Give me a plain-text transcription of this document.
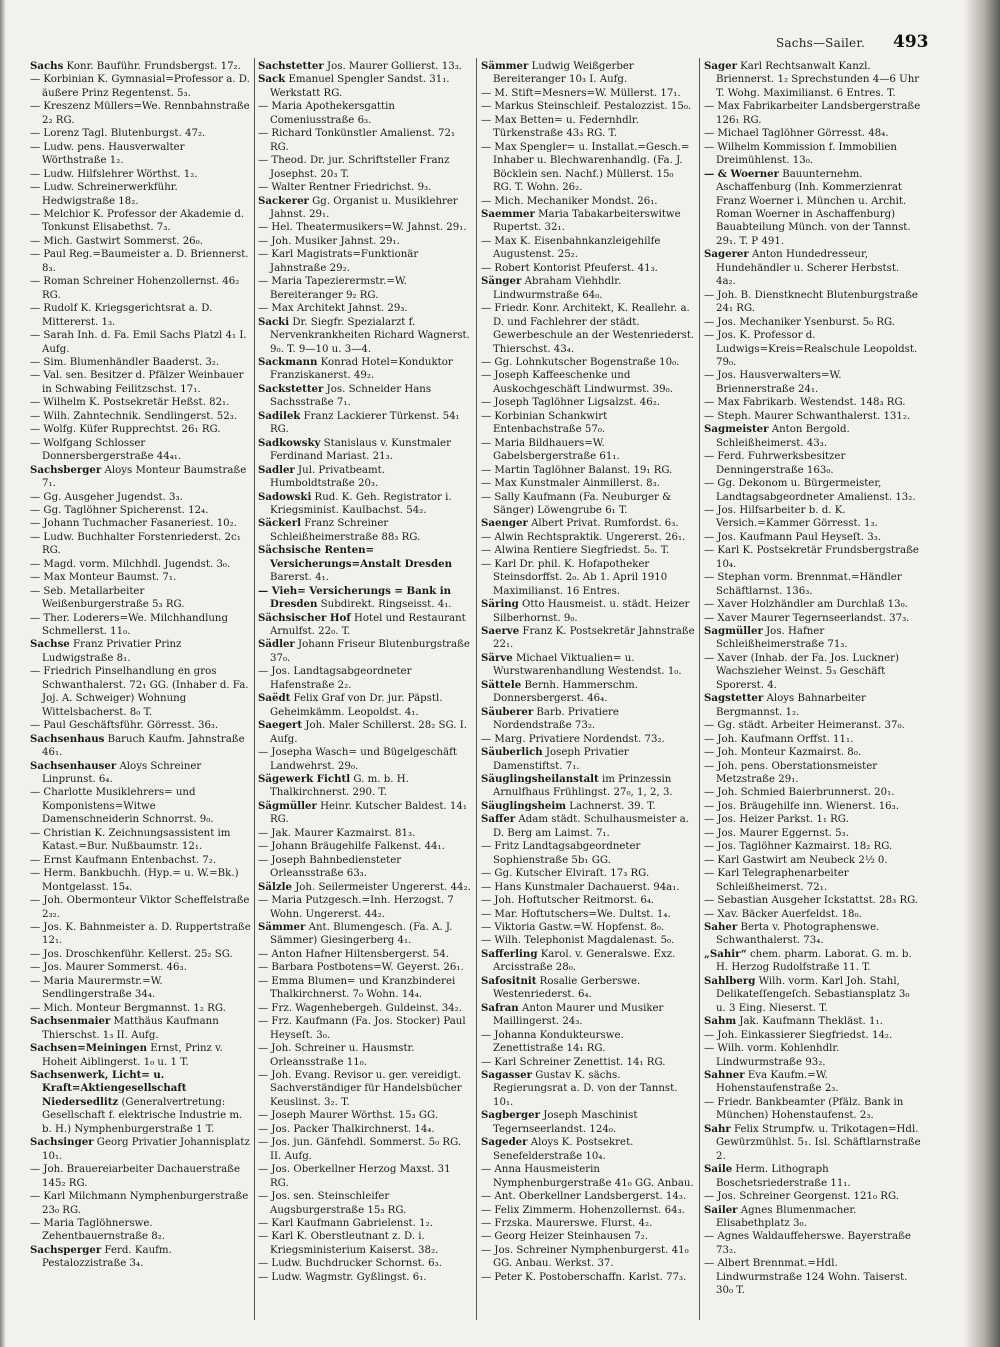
Sachs—Sailer. 493
Sachs Konr. Bauführ. Frundsbergst. 17₂.
— Korbinian K. Gymnasial=Professor a. D. äußere Prinz Regentenst. 5₃.
— Kreszenz Müllers=We. Rennbahnstraße 2₂ RG.
— Lorenz Tagl. Blutenburgst. 47₂.
— Ludw. pens. Hausverwalter Wörthstraße 1₂.
— Ludw. Hilfslehrer Wörthst. 1₂.
— Ludw. Schreinerwerkführ. Hedwigstraße 18₂.
— Melchior K. Professor der Akademie d. Tonkunst Elisabethst. 7₃.
— Mich. Gastwirt Sommerst. 26₀.
— Paul Reg.=Baumeister a. D. Briennerst. 8₃.
— Roman Schreiner Hohenzollernst. 46₂ RG.
— Rudolf K. Kriegsgerichtsrat a. D. Mittererst. 1₃.
— Sarah Inh. d. Fa. Emil Sachs Platzl 4₁ I. Aufg.
— Sim. Blumenhändler Baaderst. 3₂.
— Val. sen. Besitzer d. Pfälzer Weinbauer in Schwabing Feilitzschst. 17₁.
— Wilhelm K. Postsekretär Heßst. 82₁.
— Wilh. Zahntechnik. Sendlingerst. 52₃.
— Wolfg. Küfer Rupprechtst. 26₁ RG.
— Wolfgang Schlosser Donnersbergerstraße 44₄₁.
Sachsberger Aloys Monteur Baumstraße 7₁.
— Gg. Ausgeher Jugendst. 3₃.
— Gg. Taglöhner Spicherenst. 12₄.
— Johann Tuchmacher Fasaneriest. 10₂.
— Ludw. Buchhalter Forstenriederst. 2c₁ RG.
— Magd. vorm. Milchhdl. Jugendst. 3₀.
— Max Monteur Baumst. 7₁.
— Seb. Metallarbeiter Weißenburgerstraße 5₃ RG.
— Ther. Loderers=We. Milchhandlung Schmellerst. 11₀.
Sachse Franz Privatier Prinz Ludwigstraße 8₁.
— Friedrich Pinselhandlung en gros Schwanthalerst. 72₁ GG. (Inhaber d. Fa. Joj. A. Schweiger) Wohnung Wittelsbacherst. 8₀ T.
— Paul Geschäftsführ. Görresst. 36₃.
Sachsenhaus Baruch Kaufm. Jahnstraße 46₁.
Sachsenhauser Aloys Schreiner Linprunst. 6₄.
— Charlotte Musiklehrers= und Komponistens=Witwe Damenschneiderin Schnorrst. 9₀.
— Christian K. Zeichnungsassistent im Katast.=Bur. Nußbaumstr. 12₁.
— Ernst Kaufmann Entenbachst. 7₂.
— Herm. Bankbuchh. (Hyp.= u. W.=Bk.) Montgelasst. 15₄.
— Joh. Obermonteur Viktor Scheffelstraße 2₃₂.
— Jos. K. Bahnmeister a. D. Ruppertstraße 12₁.
— Jos. Droschkenführ. Kellerst. 25₂ SG.
— Jos. Maurer Sommerst. 46₃.
— Maria Maurermstr.=W. Sendlingerstraße 34₄.
— Mich. Monteur Bergmannst. 1₂ RG.
Sachsenmaier Matthäus Kaufmann Thierschst. 1₃ II. Aufg.
Sachsen=Meiningen Ernst, Prinz v. Hoheit Aiblingerst. 1₀ u. 1 T.
Sachsenwerk, Licht= u. Kraft=Aktiengesellschaft Niedersedlitz (Generalvertretung: Gesellschaft f. elektrische Industrie m. b. H.) Nymphenburgerstraße 1 T.
Sachsinger Georg Privatier Johannisplatz 10₁.
— Joh. Brauereiarbeiter Dachauerstraße 145₂ RG.
— Karl Milchmann Nymphenburgerstraße 23₀ RG.
— Maria Taglöhnerswe. Zehentbauernstraße 8₂.
Sachsperger Ferd. Kaufm. Pestalozzistraße 3₄.
Sachstetter Jos. Maurer Gollierst. 13₃.
Sack Emanuel Spengler Sandst. 31₁. Werkstatt RG.
— Maria Apothekersgattin Comeniusstraße 6₃.
— Richard Tonkünstler Amalienst. 72₁ RG.
— Theod. Dr. jur. Schriftsteller Franz Josephst. 20₃ T.
— Walter Rentner Friedrichst. 9₃.
Sackerer Gg. Organist u. Musiklehrer Jahnst. 29₁.
— Hel. Theatermusikers=W. Jahnst. 29₁.
— Joh. Musiker Jahnst. 29₁.
— Karl Magistrats=Funktionär Jahnstraße 29₂.
— Maria Tapezierermstr.=W. Bereiteranger 9₂ RG.
— Max Architekt Jahnst. 29₃.
Sacki Dr. Siegfr. Spezialarzt f. Nervenkrankheiten Richard Wagnerst. 9₀. T. 9—10 u. 3—4.
Sackmann Konrad Hotel=Konduktor Franziskanerst. 49₂.
Sackstetter Jos. Schneider Hans Sachsstraße 7₁.
Sadilek Franz Lackierer Türkenst. 54₁ RG.
Sadkowsky Stanislaus v. Kunstmaler Ferdinand Mariast. 21₃.
Sadler Jul. Privatbeamt. Humboldtstraße 20₃.
Sadowski Rud. K. Geh. Registrator i. Kriegsminist. Kaulbachst. 54₂.
Säckerl Franz Schreiner Schleißheimerstraße 88₃ RG.
Sächsische Renten= Versicherungs=Anstalt Dresden Barerst. 4₁.
— Vieh= Versicherungs = Bank in Dresden Subdirekt. Ringseisst. 4₁.
Sächsischer Hof Hotel und Restaurant Arnulfst. 22₀. T.
Sädler Johann Friseur Blutenburgstraße 37₀.
— Jos. Landtagsabgeordneter Hafenstraße 2₂.
Saëdt Felix Graf von Dr. jur. Päpstl. Geheimkämm. Leopoldst. 4₁.
Saegert Joh. Maler Schillerst. 28₂ SG. I. Aufg.
— Josepha Wasch= und Bügelgeschäft Landwehrst. 29₀.
Sägewerk Fichtl G. m. b. H. Thalkirchnerst. 290. T.
Sägmüller Heinr. Kutscher Baldest. 14₁ RG.
— Jak. Maurer Kazmairst. 81₃.
— Johann Bräugehilfe Falkenst. 44₁.
— Joseph Bahnbediensteter Orleansstraße 63₃.
Sälzle Joh. Seilermeister Ungererst. 44₂.
— Maria Putzgesch.=Inh. Herzogst. 7 Wohn. Ungererst. 44₂.
Sämmer Ant. Blumengesch. (Fa. A. J. Sämmer) Giesingerberg 4₁.
— Anton Hafner Hiltensbergerst. 54.
— Barbara Postbotens=W. Geyerst. 26₁.
— Emma Blumen= und Kranzbinderei Thalkirchnerst. 7₀ Wohn. 14₄.
— Frz. Wagenhebergeh. Guldeinst. 34₂.
— Frz. Kaufmann (Fa. Jos. Stocker) Paul Heyseſt. 3₀.
— Joh. Schreiner u. Hausmstr. Orleansstraße 11₀.
— Joh. Evang. Revisor u. ger. vereidigt. Sachverständiger für Handelsbücher Keuslinst. 3₂. T.
— Joseph Maurer Wörthst. 15₃ GG.
— Jos. Packer Thalkirchnerst. 14₄.
— Jos. jun. Gänfehdl. Sommerst. 5₀ RG. II. Aufg.
— Jos. Oberkellner Herzog Maxst. 31 RG.
— Jos. sen. Steinschleifer Augsburgerstraße 15₃ RG.
— Karl Kaufmann Gabrielenst. 1₂.
— Karl K. Oberstleutnant z. D. i. Kriegsministerium Kaiserst. 38₂.
— Ludw. Buchdrucker Schornst. 6₃.
— Ludw. Wagmstr. Gyßlingst. 6₁.
Sämmer Ludwig Weißgerber Bereiteranger 10₃ I. Aufg.
— M. Stift=Mesners=W. Müllerst. 17₁.
— Markus Steinschleif. Pestalozzist. 15₀.
— Max Betten= u. Federnhdlr. Türkenstraße 43₃ RG. T.
— Max Spengler= u. Installat.=Gesch.= Inhaber u. Blechwarenhandlg. (Fa. J. Böcklein sen. Nachf.) Müllerst. 15₀ RG. T. Wohn. 26₂.
— Mich. Mechaniker Mondst. 26₁.
Saemmer Maria Tabakarbeiterswitwe Rupertst. 32₁.
— Max K. Eisenbahnkanzleigehilfe Augustenst. 25₂.
— Robert Kontorist Pfeuferst. 41₃.
Sänger Abraham Viehhdlr. Lindwurmstraße 64₀.
— Friedr. Konr. Architekt, K. Reallehr. a. D. und Fachlehrer der städt. Gewerbeschule an der Westenriederst. Thierschst. 43₄.
— Gg. Lohnkutscher Bogenstraße 10₀.
— Joseph Kaffeeschenke und Auskochgeschäft Lindwurmst. 39₀.
— Joseph Taglöhner Ligsalzst. 46₂.
— Korbinian Schankwirt Entenbachstraße 57₀.
— Maria Bildhauers=W. Gabelsbergerstraße 61₁.
— Martin Taglöhner Balanst. 19₁ RG.
— Max Kunstmaler Ainmillerst. 8₃.
— Sally Kaufmann (Fa. Neuburger & Sänger) Löwengrube 6₁ T.
Saenger Albert Privat. Rumfordst. 6₃.
— Alwin Rechtspraktik. Ungererst. 26₁.
— Alwina Rentiere Siegfriedst. 5₀. T.
— Karl Dr. phil. K. Hofapotheker Steinsdorffst. 2₀. Ab 1. April 1910 Maximilianst. 16 Entres.
Säring Otto Hausmeist. u. städt. Heizer Silberhornst. 9₀.
Saerve Franz K. Postsekretär Jahnstraße 22₁.
Särve Michael Viktualien= u. Wurstwarenhandlung Westendst. 1₀.
Sättele Bernh. Hammerschm. Donnersbergerst. 46₄.
Säuberer Barb. Privatiere Nordendstraße 73₂.
— Marg. Privatiere Nordendst. 73₂.
Säuberlich Joseph Privatier Damenstiftst. 7₁.
Säuglingsheilanstalt im Prinzessin Arnulfhaus Frühlingst. 27₀, 1, 2, 3.
Säuglingsheim Lachnerst. 39. T.
Saffer Adam städt. Schulhausmeister a. D. Berg am Laimst. 7₁.
— Fritz Landtagsabgeordneter Sophienstraße 5b₁ GG.
— Gg. Kutscher Elviraſt. 17₃ RG.
— Hans Kunstmaler Dachauerst. 94a₁.
— Joh. Hoftutscher Reitmorst. 6₄.
— Mar. Hoftutschers=We. Dultst. 1₄.
— Viktoria Gastw.=W. Hopfenst. 8₀.
— Wilh. Telephonist Magdalenast. 5₀.
Safferling Karol. v. Generalswe. Exz. Arcisstraße 28₀.
Safositnit Rosalie Gerberswe. Westenriederst. 6₄.
Safran Anton Maurer und Musiker Maillingerst. 24₃.
— Johanna Kondukteurswe. Zenettistraße 14₁ RG.
— Karl Schreiner Zenettist. 14₁ RG.
Sagasser Gustav K. sächs. Regierungsrat a. D. von der Tannst. 10₁.
Sagberger Joseph Maschinist Tegernseerlandst. 124₀.
Sageder Aloys K. Postsekret. Senefelderstraße 10₄.
— Anna Hausmeisterin Nymphenburgerstraße 41₀ GG. Anbau.
— Ant. Oberkellner Landsbergerst. 14₃.
— Felix Zimmerm. Hohenzollernst. 64₃.
— Frzska. Maurerswe. Flurst. 4₂.
— Georg Heizer Steinhausen 7₂.
— Jos. Schreiner Nymphenburgerst. 41₀ GG. Anbau. Werkst. 37.
— Peter K. Postoberschaffn. Karlst. 77₃.
Sager Karl Rechtsanwalt Kanzl. Briennerst. 1₂ Sprechstunden 4—6 Uhr T. Wohg. Maximilianst. 6 Entres. T.
— Max Fabrikarbeiter Landsbergerstraße 126₁ RG.
— Michael Taglöhner Görresst. 48₄.
— Wilhelm Kommission f. Immobilien Dreimühlenst. 13₀.
— & Woerner Bauunternehm. Aschaffenburg (Inh. Kommerzienrat Franz Woerner i. München u. Archit. Roman Woerner in Aschaffenburg) Bauabteilung Münch. von der Tannst. 29₁. T. P 491.
Sagerer Anton Hundedresseur, Hundehändler u. Scherer Herbstst. 4a₂.
— Joh. B. Dienstknecht Blutenburgstraße 24₁ RG.
— Jos. Mechaniker Ysenburst. 5₀ RG.
— Jos. K. Professor d. Ludwigs=Kreis=Realschule Leopoldst. 79₀.
— Jos. Hausverwalters=W. Briennerstraße 24₁.
— Max Fabrikarb. Westendst. 148₃ RG.
— Steph. Maurer Schwanthalerst. 131₂.
Sagmeister Anton Bergold. Schleißheimerst. 43₃.
— Ferd. Fuhrwerksbesitzer Denningerstraße 163₀.
— Gg. Dekonom u. Bürgermeister, Landtagsabgeordneter Amalienst. 13₂.
— Jos. Hilfsarbeiter b. d. K. Versich.=Kammer Görresst. 1₃.
— Jos. Kaufmann Paul Heyseſt. 3₃.
— Karl K. Postsekretär Frundsbergstraße 10₄.
— Stephan vorm. Brennmat.=Händler Schäftlarnst. 136₃.
— Xaver Holzhändler am Durchlaß 13₀.
— Xaver Maurer Tegernseerlandst. 37₃.
Sagmüller Jos. Hafner Schleißheimerstraße 71₃.
— Xaver (Inhab. der Fa. Jos. Luckner) Wachszieher Weinst. 5₃ Geschäft Sporerst. 4.
Sagstetter Aloys Bahnarbeiter Bergmannst. 1₂.
— Gg. städt. Arbeiter Heimeranst. 37₀.
— Joh. Kaufmann Orffst. 11₁.
— Joh. Monteur Kazmairst. 8₀.
— Joh. pens. Oberstationsmeister Metzstraße 29₁.
— Joh. Schmied Baierbrunnerst. 20₁.
— Jos. Bräugehilfe inn. Wienerst. 16₃.
— Jos. Heizer Parkst. 1₁ RG.
— Jos. Maurer Eggernst. 5₃.
— Jos. Taglöhner Kazmairst. 18₂ RG.
— Karl Gastwirt am Neubeck 2½ 0.
— Karl Telegraphenarbeiter Schleißheimerst. 72₁.
— Sebastian Ausgeher Ickstattst. 28₃ RG.
— Xav. Bäcker Auerfeldst. 18₀.
Saher Berta v. Photographenswe. Schwanthalerst. 73₄.
„Sahir“ chem. pharm. Laborat. G. m. b. H. Herzog Rudolfstraße 11. T.
Sahlberg Wilh. vorm. Karl Joh. Stahl, Delikateſſengeſch. Sebastiansplatz 3₀ u. 3 Eing. Nieserst. T.
Sahm Jak. Kaufmann Thekläst. 1₁.
— Joh. Einkassierer Siegfriedst. 14₂.
— Wilh. vorm. Kohlenhdlr. Lindwurmstraße 93₂.
Sahner Eva Kaufm.=W. Hohenstaufenstraße 2₃.
— Friedr. Bankbeamter (Pfälz. Bank in München) Hohenstaufenst. 2₃.
Sahr Felix Strumpfw. u. Trikotagen=Hdl. Gewürzmühlst. 5₁. Isl. Schäftlarnstraße 2.
Saile Herm. Lithograph Boschetsriederstraße 11₁.
— Jos. Schreiner Georgenst. 121₀ RG.
Sailer Agnes Blumenmacher. Elisabethplatz 3₀.
— Agnes Waldauffeherswe. Bayerstraße 73₂.
— Albert Brennmat.=Hdl. Lindwurmstraße 124 Wohn. Taiserst. 30₀ T.
